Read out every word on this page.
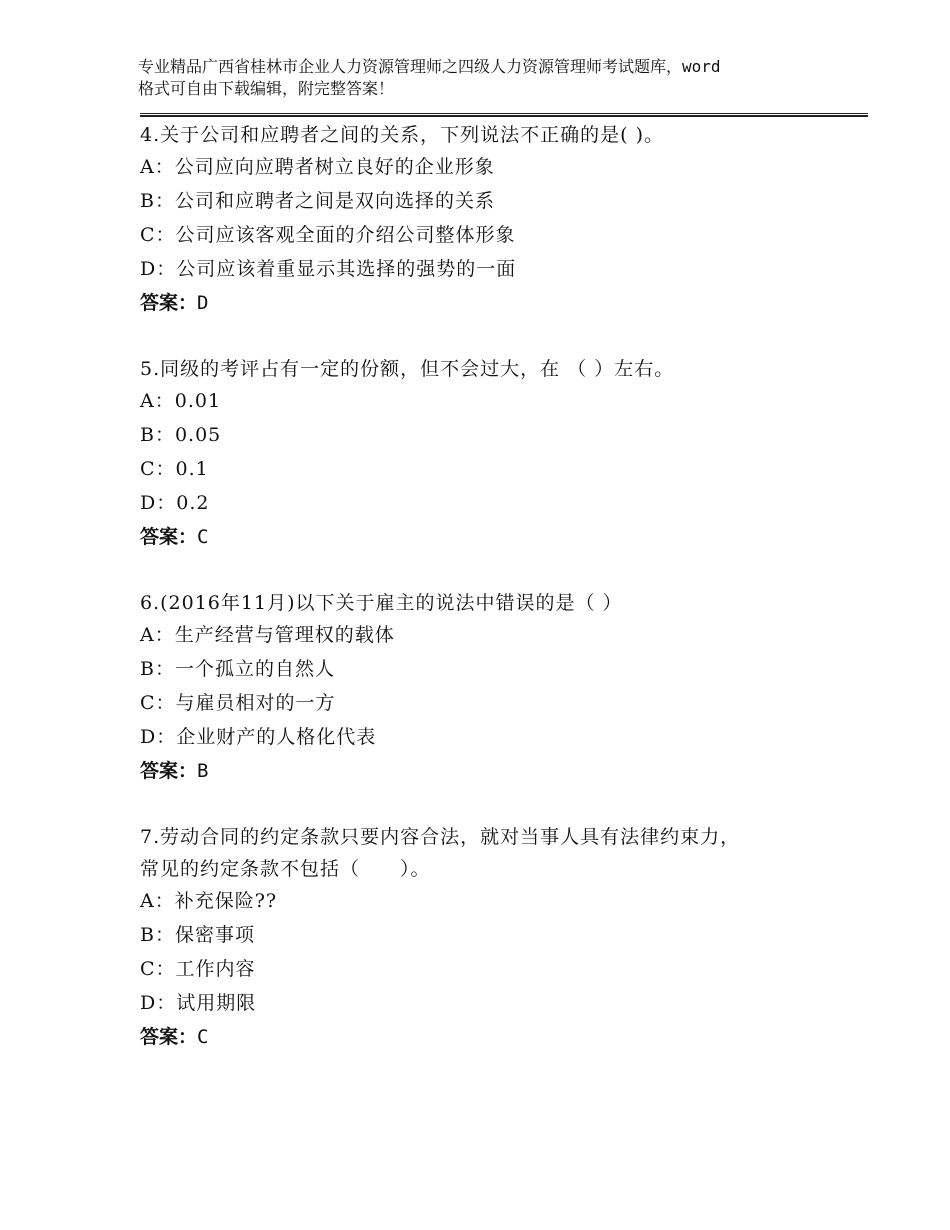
专业精品广西省桂林市企业人力资源管理师之四级人力资源管理师考试题库，word
格式可自由下载编辑，附完整答案！

4.关于公司和应聘者之间的关系，下列说法不正确的是( )。

A：公司应向应聘者树立良好的企业形象

B：公司和应聘者之间是双向选择的关系

C：公司应该客观全面的介绍公司整体形象

D：公司应该着重显示其选择的强势的一面

答案：D

5.同级的考评占有一定的份额，但不会过大，在 （ ）左右。

A：0.01

B：0.05

C：0.1

D：0.2

答案：C

6.(2016年11月)以下关于雇主的说法中错误的是（ ）

A：生产经营与管理权的载体

B：一个孤立的自然人

C：与雇员相对的一方

D：企业财产的人格化代表

答案：B

7.劳动合同的约定条款只要内容合法，就对当事人具有法律约束力，

常见的约定条款不包括（　　）。

A：补充保险??

B：保密事项

C：工作内容

D：试用期限

答案：C
